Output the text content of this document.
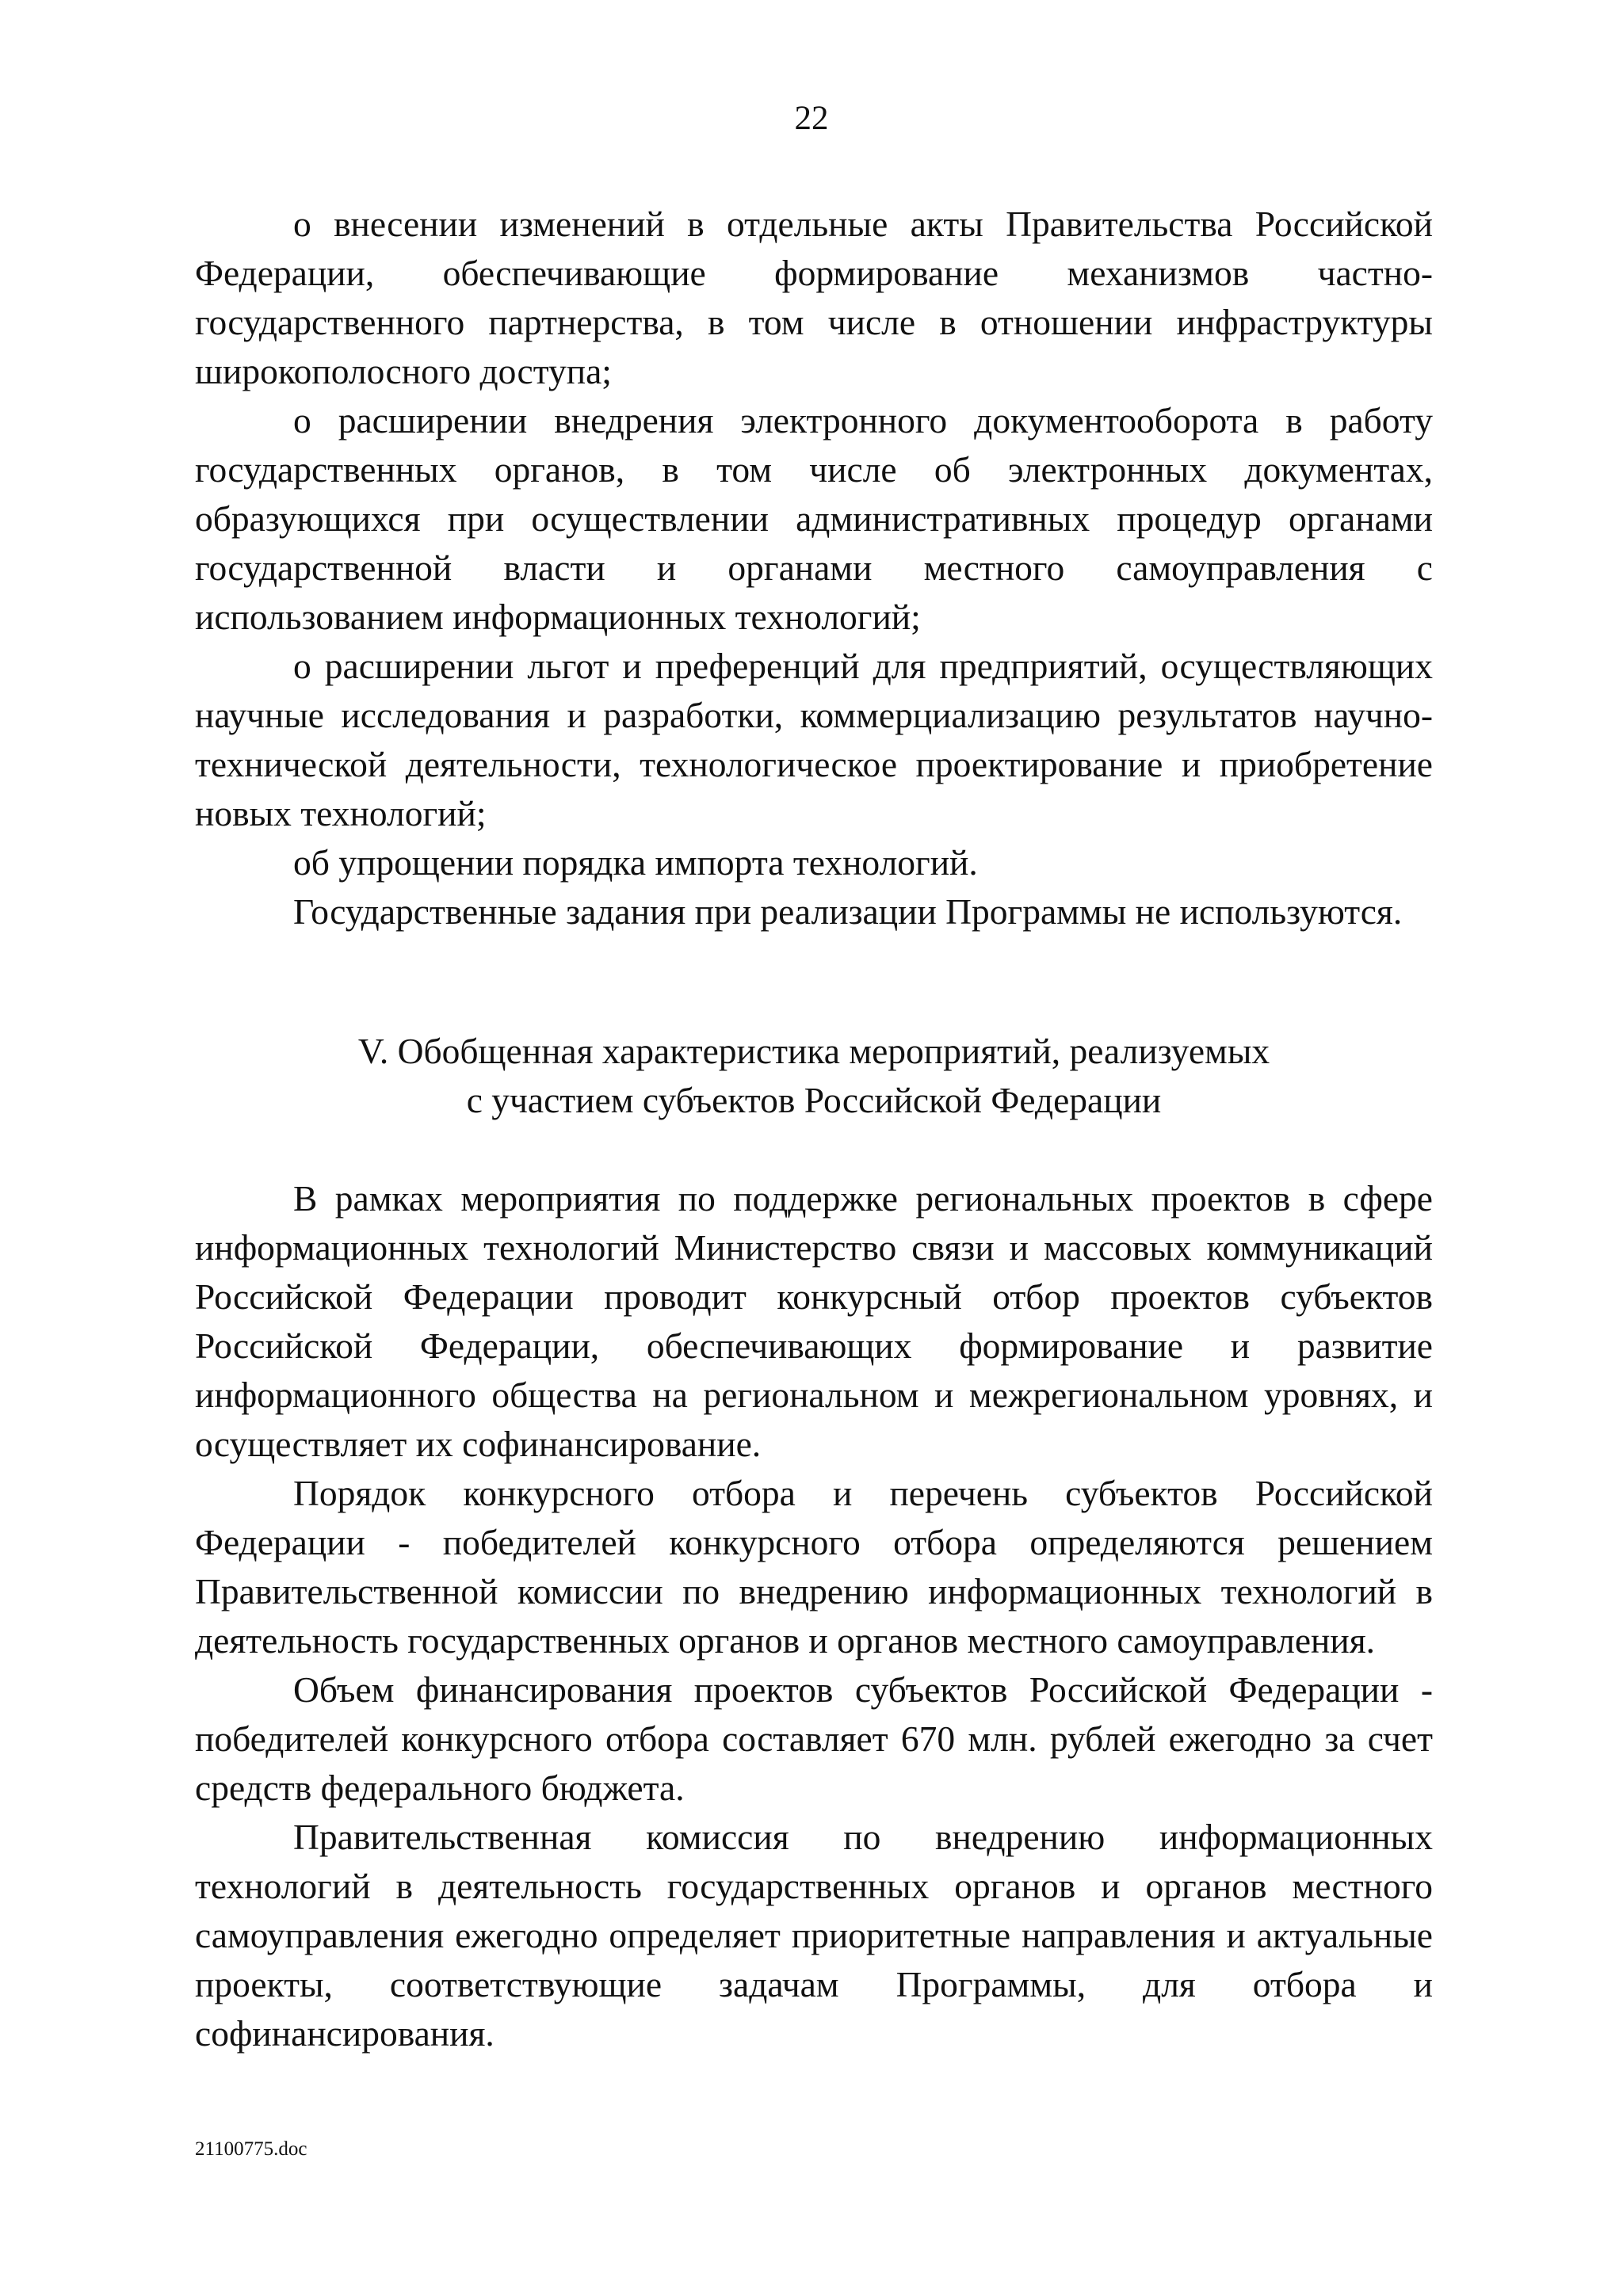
22

о внесении изменений в отдельные акты Правительства Российской Федерации, обеспечивающие формирование механизмов частно-государственного партнерства, в том числе в отношении инфраструктуры широкополосного доступа;

о расширении внедрения электронного документооборота в работу государственных органов, в том числе об электронных документах, образующихся при осуществлении административных процедур органами государственной власти и органами местного самоуправления с использованием информационных технологий;

о расширении льгот и преференций для предприятий, осуществляющих научные исследования и разработки, коммерциализацию результатов научно-технической деятельности, технологическое проектирование и приобретение новых технологий;

об упрощении порядка импорта технологий.

Государственные задания при реализации Программы не используются.

V. Обобщенная характеристика мероприятий, реализуемых
с участием субъектов Российской Федерации

В рамках мероприятия по поддержке региональных проектов в сфере информационных технологий Министерство связи и массовых коммуникаций Российской Федерации проводит конкурсный отбор проектов субъектов Российской Федерации, обеспечивающих формирование и развитие информационного общества на региональном и межрегиональном уровнях, и осуществляет их софинансирование.

Порядок конкурсного отбора и перечень субъектов Российской Федерации - победителей конкурсного отбора определяются решением Правительственной комиссии по внедрению информационных технологий в деятельность государственных органов и органов местного самоуправления.

Объем финансирования проектов субъектов Российской Федерации - победителей конкурсного отбора составляет 670 млн. рублей ежегодно за счет средств федерального бюджета.

Правительственная комиссия по внедрению информационных технологий в деятельность государственных органов и органов местного самоуправления ежегодно определяет приоритетные направления и актуальные проекты, соответствующие задачам Программы, для отбора и софинансирования.

21100775.doc
